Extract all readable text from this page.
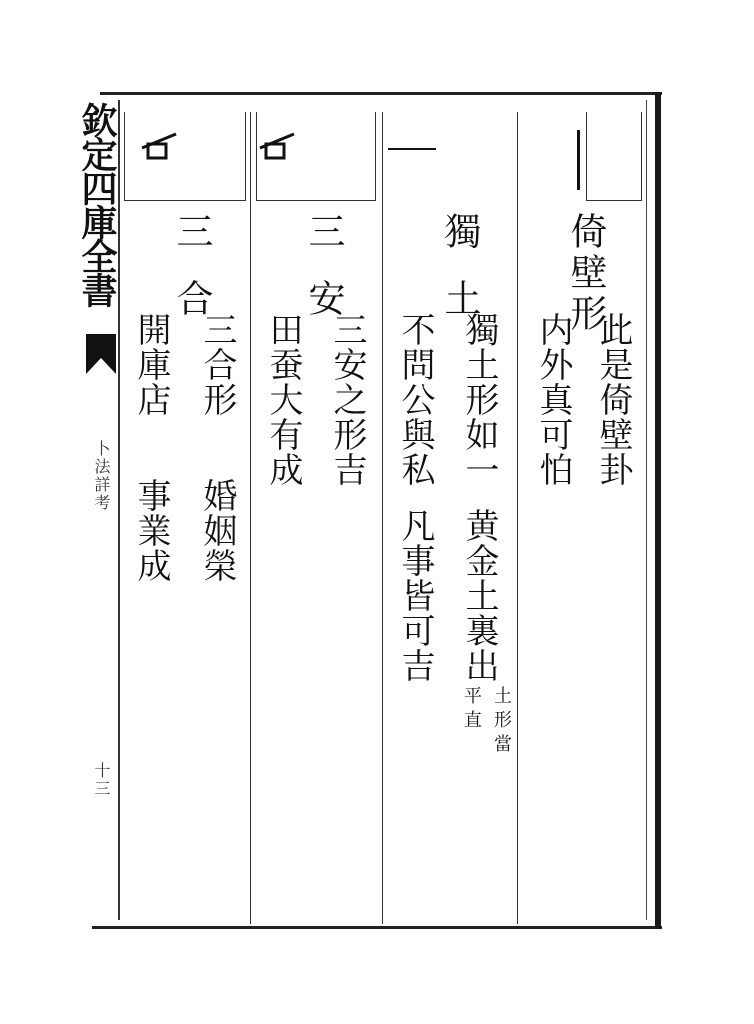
欽定四庫全書
卜法詳考
十三
倚壁形
此是倚壁卦
内外真可怕
獨土
獨土形如一
黄金土裏出
不問公與私
凡事皆可吉
土形當
平直
三安
三安之形吉
田蚕大有成
三合
三合形
婚姻榮
開庫店
事業成
